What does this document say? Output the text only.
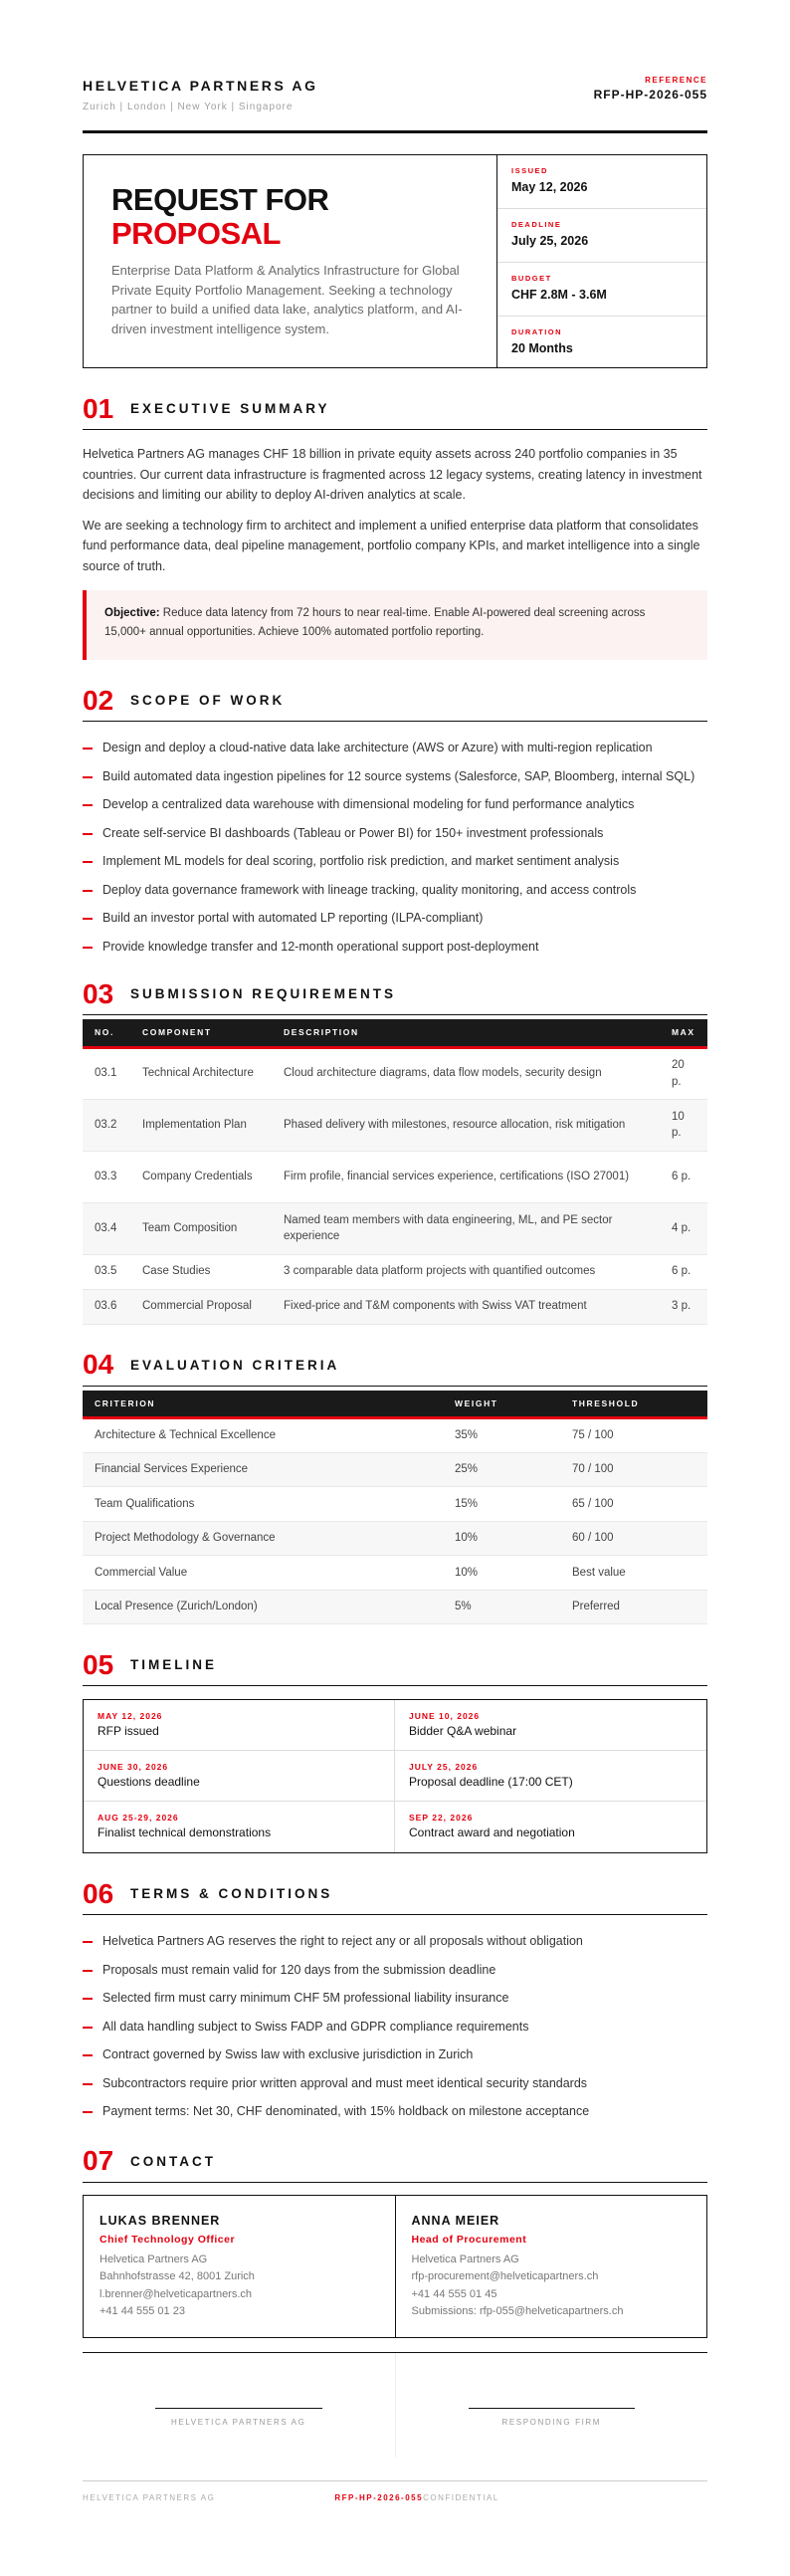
HELVETICA PARTNERS AG
Zurich | London | New York | Singapore
REFERENCE
RFP-HP-2026-055
REQUEST FOR
PROPOSAL
Enterprise Data Platform & Analytics Infrastructure for Global Private Equity Portfolio Management. Seeking a technology partner to build a unified data lake, analytics platform, and AI-driven investment intelligence system.
ISSUED
May 12, 2026
DEADLINE
July 25, 2026
BUDGET
CHF 2.8M - 3.6M
DURATION
20 Months
01	EXECUTIVE SUMMARY

Helvetica Partners AG manages CHF 18 billion in private equity assets across 240 portfolio companies in 35 countries. Our current data infrastructure is fragmented across 12 legacy systems, creating latency in investment decisions and limiting our ability to deploy AI-driven analytics at scale.

We are seeking a technology firm to architect and implement a unified enterprise data platform that consolidates fund performance data, deal pipeline management, portfolio company KPIs, and market intelligence into a single source of truth.

Objective: Reduce data latency from 72 hours to near real-time. Enable AI-powered deal screening across 15,000+ annual opportunities. Achieve 100% automated portfolio reporting.
02	SCOPE OF WORK
Design and deploy a cloud-native data lake architecture (AWS or Azure) with multi-region replication
Build automated data ingestion pipelines for 12 source systems (Salesforce, SAP, Bloomberg, internal SQL)
Develop a centralized data warehouse with dimensional modeling for fund performance analytics
Create self-service BI dashboards (Tableau or Power BI) for 150+ investment professionals
Implement ML models for deal scoring, portfolio risk prediction, and market sentiment analysis
Deploy data governance framework with lineage tracking, quality monitoring, and access controls
Build an investor portal with automated LP reporting (ILPA-compliant)
Provide knowledge transfer and 12-month operational support post-deployment
03	SUBMISSION REQUIREMENTS
NO.	COMPONENT	DESCRIPTION	MAX
03.1	Technical Architecture	Cloud architecture diagrams, data flow models, security design	20 p.
03.2	Implementation Plan	Phased delivery with milestones, resource allocation, risk mitigation	10 p.
03.3	Company Credentials	Firm profile, financial services experience, certifications (ISO 27001)	6 p.
03.4	Team Composition	Named team members with data engineering, ML, and PE sector experience	4 p.
03.5	Case Studies	3 comparable data platform projects with quantified outcomes	6 p.
03.6	Commercial Proposal	Fixed-price and T&M components with Swiss VAT treatment	3 p.
04	EVALUATION CRITERIA
CRITERION	WEIGHT	THRESHOLD
Architecture & Technical Excellence	35%	75 / 100
Financial Services Experience	25%	70 / 100
Team Qualifications	15%	65 / 100
Project Methodology & Governance	10%	60 / 100
Commercial Value	10%	Best value
Local Presence (Zurich/London)	5%	Preferred
05	TIMELINE
MAY 12, 2026
RFP issued
JUNE 10, 2026
Bidder Q&A webinar
JUNE 30, 2026
Questions deadline
JULY 25, 2026
Proposal deadline (17:00 CET)
AUG 25-29, 2026
Finalist technical demonstrations
SEP 22, 2026
Contract award and negotiation
06	TERMS & CONDITIONS
Helvetica Partners AG reserves the right to reject any or all proposals without obligation
Proposals must remain valid for 120 days from the submission deadline
Selected firm must carry minimum CHF 5M professional liability insurance
All data handling subject to Swiss FADP and GDPR compliance requirements
Contract governed by Swiss law with exclusive jurisdiction in Zurich
Subcontractors require prior written approval and must meet identical security standards
Payment terms: Net 30, CHF denominated, with 15% holdback on milestone acceptance
07	CONTACT
LUKAS BRENNER
Chief Technology Officer
Helvetica Partners AG
Bahnhofstrasse 42, 8001 Zurich
l.brenner@helveticapartners.ch
+41 44 555 01 23
ANNA MEIER
Head of Procurement
Helvetica Partners AG
rfp-procurement@helveticapartners.ch
+41 44 555 01 45
Submissions: rfp-055@helveticapartners.ch
HELVETICA PARTNERS AG	RESPONDING FIRM
HELVETICA PARTNERS AG	RFP-HP-2026-055 CONFIDENTIAL
